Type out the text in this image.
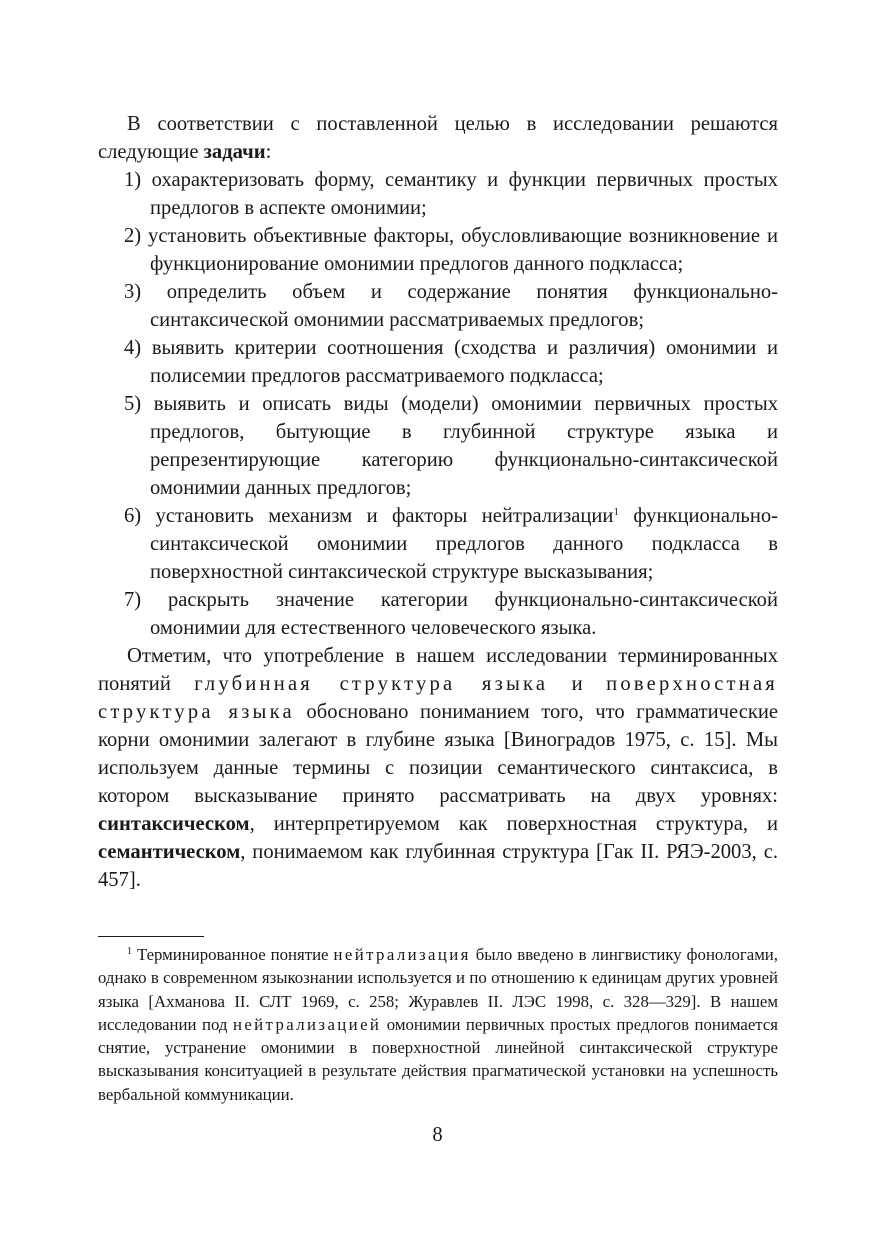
В соответствии с поставленной целью в исследовании решаются следующие задачи:

1) охарактеризовать форму, семантику и функции первичных простых предлогов в аспекте омонимии;

2) установить объективные факторы, обусловливающие возникновение и функционирование омонимии предлогов данного подкласса;

3) определить объем и содержание понятия функционально-синтаксической омонимии рассматриваемых предлогов;

4) выявить критерии соотношения (сходства и различия) омонимии и полисемии предлогов рассматриваемого подкласса;

5) выявить и описать виды (модели) омонимии первичных простых предлогов, бытующие в глубинной структуре языка и репрезентирующие категорию функционально-синтаксической омонимии данных предлогов;

6) установить механизм и факторы нейтрализации$^1$ функционально-синтаксической омонимии предлогов данного подкласса в поверхностной синтаксической структуре высказывания;

7) раскрыть значение категории функционально-синтаксической омонимии для естественного человеческого языка.

Отметим, что употребление в нашем исследовании терминированных понятий глубинная структура языка и поверхностная структура языка обосновано пониманием того, что грамматические корни омонимии залегают в глубине языка [Виноградов 1975, с. 15]. Мы используем данные термины с позиции семантического синтаксиса, в котором высказывание принято рассматривать на двух уровнях: синтаксическом, интерпретируемом как поверхностная структура, и семантическом, понимаемом как глубинная структура [Гак II. РЯЭ-2003, с. 457].

$^1$ Терминированное понятие нейтрализация было введено в лингвистику фонологами, однако в современном языкознании используется и по отношению к единицам других уровней языка [Ахманова II. СЛТ 1969, с. 258; Журавлев II. ЛЭС 1998, с. 328—329]. В нашем исследовании под нейтрализацией омонимии первичных простых предлогов понимается снятие, устранение омонимии в поверхностной линейной синтаксической структуре высказывания конситуацией в результате действия прагматической установки на успешность вербальной коммуникации.

8
